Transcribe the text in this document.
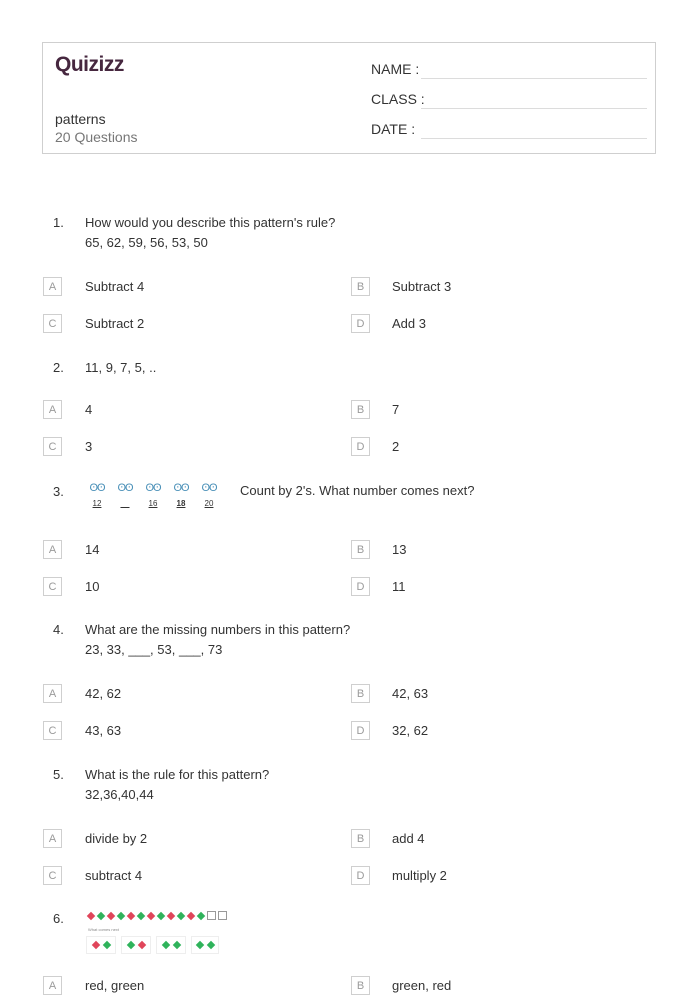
Quizizz
patterns
20 Questions
NAME :
CLASS :
DATE :
1. How would you describe this pattern's rule?
65, 62, 59, 56, 53, 50
A	Subtract 4	B	Subtract 3
C	Subtract 2	D	Add 3
2. 11, 9, 7, 5, ..
A	4	B	7
C	3	D	2
3.	ʘʘ
12
ʘʘ
__
ʘʘ
16
ʘʘ
18
ʘʘ
20
Count by 2's. What number comes next?
A	14	B	13
C	10	D	11
4. What are the missing numbers in this pattern?
23, 33, ___, 53, ___, 73
A	42, 62	B	42, 63
C	43, 63	D	32, 62
5. What is the rule for this pattern?
32,36,40,44
A	divide by 2	B	add 4
C	subtract 4	D	multiply 2
6.
What comes next
A	red, green	B	green, red
